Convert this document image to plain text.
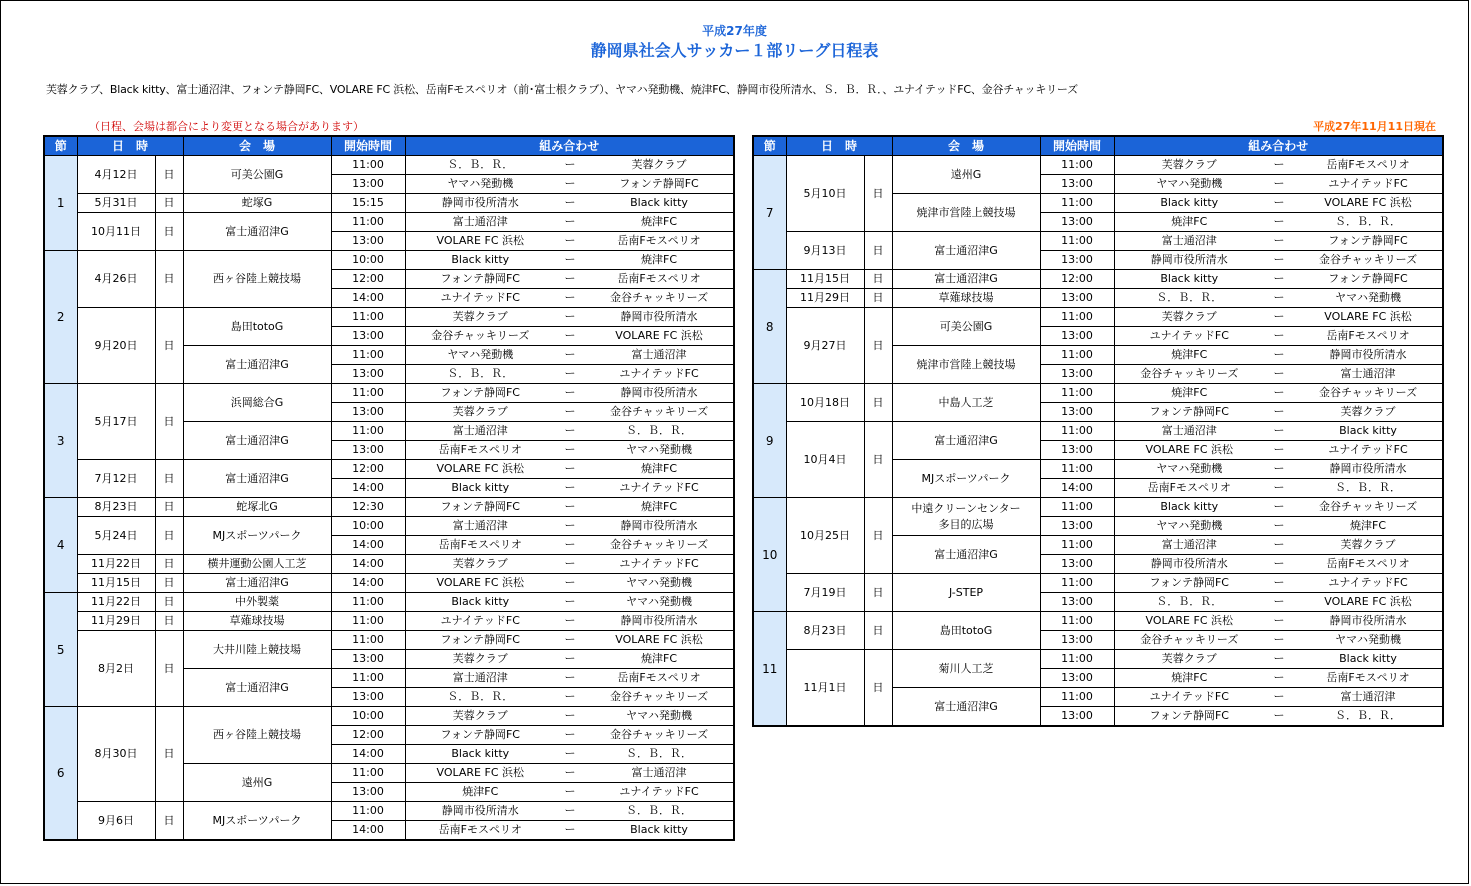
平成27年度
静岡県社会人サッカー１部リーグ日程表
芙蓉クラブ、Black kitty、富士通沼津、フォンテ静岡FC、VOLARE FC 浜松、岳南Fモスペリオ（前･富士根クラブ）、ヤマハ発動機、焼津FC、静岡市役所清水、Ｓ．Ｂ．Ｒ．、ユナイテッドFC、金谷チャッキリーズ
（日程、会場は都合により変更となる場合があります）	平成27年11月11日現在
節	日　時		会　場	開始時間	組み合わせ		
1	4月12日	日	可美公園G	11:00	Ｓ．Ｂ．Ｒ．	ー	芙蓉クラブ
				13:00	ヤマハ発動機	ー	フォンテ静岡FC
	5月31日	日	蛇塚G	15:15	静岡市役所清水	ー	Black kitty
	10月11日	日	富士通沼津G	11:00	富士通沼津	ー	焼津FC
				13:00	VOLARE FC 浜松	ー	岳南Fモスペリオ
2	4月26日	日	西ヶ谷陸上競技場	10:00	Black kitty	ー	焼津FC
				12:00	フォンテ静岡FC	ー	岳南Fモスペリオ
				14:00	ユナイテッドFC	ー	金谷チャッキリーズ
	9月20日	日	島田totoG	11:00	芙蓉クラブ	ー	静岡市役所清水
				13:00	金谷チャッキリーズ	ー	VOLARE FC 浜松
			富士通沼津G	11:00	ヤマハ発動機	ー	富士通沼津
				13:00	Ｓ．Ｂ．Ｒ．	ー	ユナイテッドFC
3	5月17日	日	浜岡総合G	11:00	フォンテ静岡FC	ー	静岡市役所清水
				13:00	芙蓉クラブ	ー	金谷チャッキリーズ
			富士通沼津G	11:00	富士通沼津	ー	Ｓ．Ｂ．Ｒ．
				13:00	岳南Fモスペリオ	ー	ヤマハ発動機
	7月12日	日	富士通沼津G	12:00	VOLARE FC 浜松	ー	焼津FC
				14:00	Black kitty	ー	ユナイテッドFC
4	8月23日	日	蛇塚北G	12:30	フォンテ静岡FC	ー	焼津FC
	5月24日	日	MJスポーツパーク	10:00	富士通沼津	ー	静岡市役所清水
				14:00	岳南Fモスペリオ	ー	金谷チャッキリーズ
	11月22日	日	横井運動公園人工芝	14:00	芙蓉クラブ	ー	ユナイテッドFC
	11月15日	日	富士通沼津G	14:00	VOLARE FC 浜松	ー	ヤマハ発動機
5	11月22日	日	中外製薬	11:00	Black kitty	ー	ヤマハ発動機
	11月29日	日	草薙球技場	11:00	ユナイテッドFC	ー	静岡市役所清水
	8月2日	日	大井川陸上競技場	11:00	フォンテ静岡FC	ー	VOLARE FC 浜松
				13:00	芙蓉クラブ	ー	焼津FC
			富士通沼津G	11:00	富士通沼津	ー	岳南Fモスペリオ
				13:00	Ｓ．Ｂ．Ｒ．	ー	金谷チャッキリーズ
6	8月30日	日	西ヶ谷陸上競技場	10:00	芙蓉クラブ	ー	ヤマハ発動機
				12:00	フォンテ静岡FC	ー	金谷チャッキリーズ
				14:00	Black kitty	ー	Ｓ．Ｂ．Ｒ．
			遠州G	11:00	VOLARE FC 浜松	ー	富士通沼津
				13:00	焼津FC	ー	ユナイテッドFC
	9月6日	日	MJスポーツパーク	11:00	静岡市役所清水	ー	Ｓ．Ｂ．Ｒ．
				14:00	岳南Fモスペリオ	ー	Black kitty
節	日　時		会　場	開始時間	組み合わせ		
7	5月10日	日	遠州G	11:00	芙蓉クラブ	ー	岳南Fモスペリオ
				13:00	ヤマハ発動機	ー	ユナイテッドFC
			焼津市営陸上競技場	11:00	Black kitty	ー	VOLARE FC 浜松
				13:00	焼津FC	ー	Ｓ．Ｂ．Ｒ．
	9月13日	日	富士通沼津G	11:00	富士通沼津	ー	フォンテ静岡FC
				13:00	静岡市役所清水	ー	金谷チャッキリーズ
8	11月15日	日	富士通沼津G	12:00	Black kitty	ー	フォンテ静岡FC
	11月29日	日	草薙球技場	13:00	Ｓ．Ｂ．Ｒ．	ー	ヤマハ発動機
	9月27日	日	可美公園G	11:00	芙蓉クラブ	ー	VOLARE FC 浜松
				13:00	ユナイテッドFC	ー	岳南Fモスペリオ
			焼津市営陸上競技場	11:00	焼津FC	ー	静岡市役所清水
				13:00	金谷チャッキリーズ	ー	富士通沼津
9	10月18日	日	中島人工芝	11:00	焼津FC	ー	金谷チャッキリーズ
				13:00	フォンテ静岡FC	ー	芙蓉クラブ
	10月4日	日	富士通沼津G	11:00	富士通沼津	ー	Black kitty
				13:00	VOLARE FC 浜松	ー	ユナイテッドFC
			MJスポーツパーク	11:00	ヤマハ発動機	ー	静岡市役所清水
				14:00	岳南Fモスペリオ	ー	Ｓ．Ｂ．Ｒ．
10	10月25日	日	中遠クリーンセンター
多目的広場	11:00	Black kitty	ー	金谷チャッキリーズ
				13:00	ヤマハ発動機	ー	焼津FC
			富士通沼津G	11:00	富士通沼津	ー	芙蓉クラブ
				13:00	静岡市役所清水	ー	岳南Fモスペリオ
	7月19日	日	J-STEP	11:00	フォンテ静岡FC	ー	ユナイテッドFC
				13:00	Ｓ．Ｂ．Ｒ．	ー	VOLARE FC 浜松
11	8月23日	日	島田totoG	11:00	VOLARE FC 浜松	ー	静岡市役所清水
				13:00	金谷チャッキリーズ	ー	ヤマハ発動機
	11月1日	日	菊川人工芝	11:00	芙蓉クラブ	ー	Black kitty
				13:00	焼津FC	ー	岳南Fモスペリオ
			富士通沼津G	11:00	ユナイテッドFC	ー	富士通沼津
				13:00	フォンテ静岡FC	ー	Ｓ．Ｂ．Ｒ．
